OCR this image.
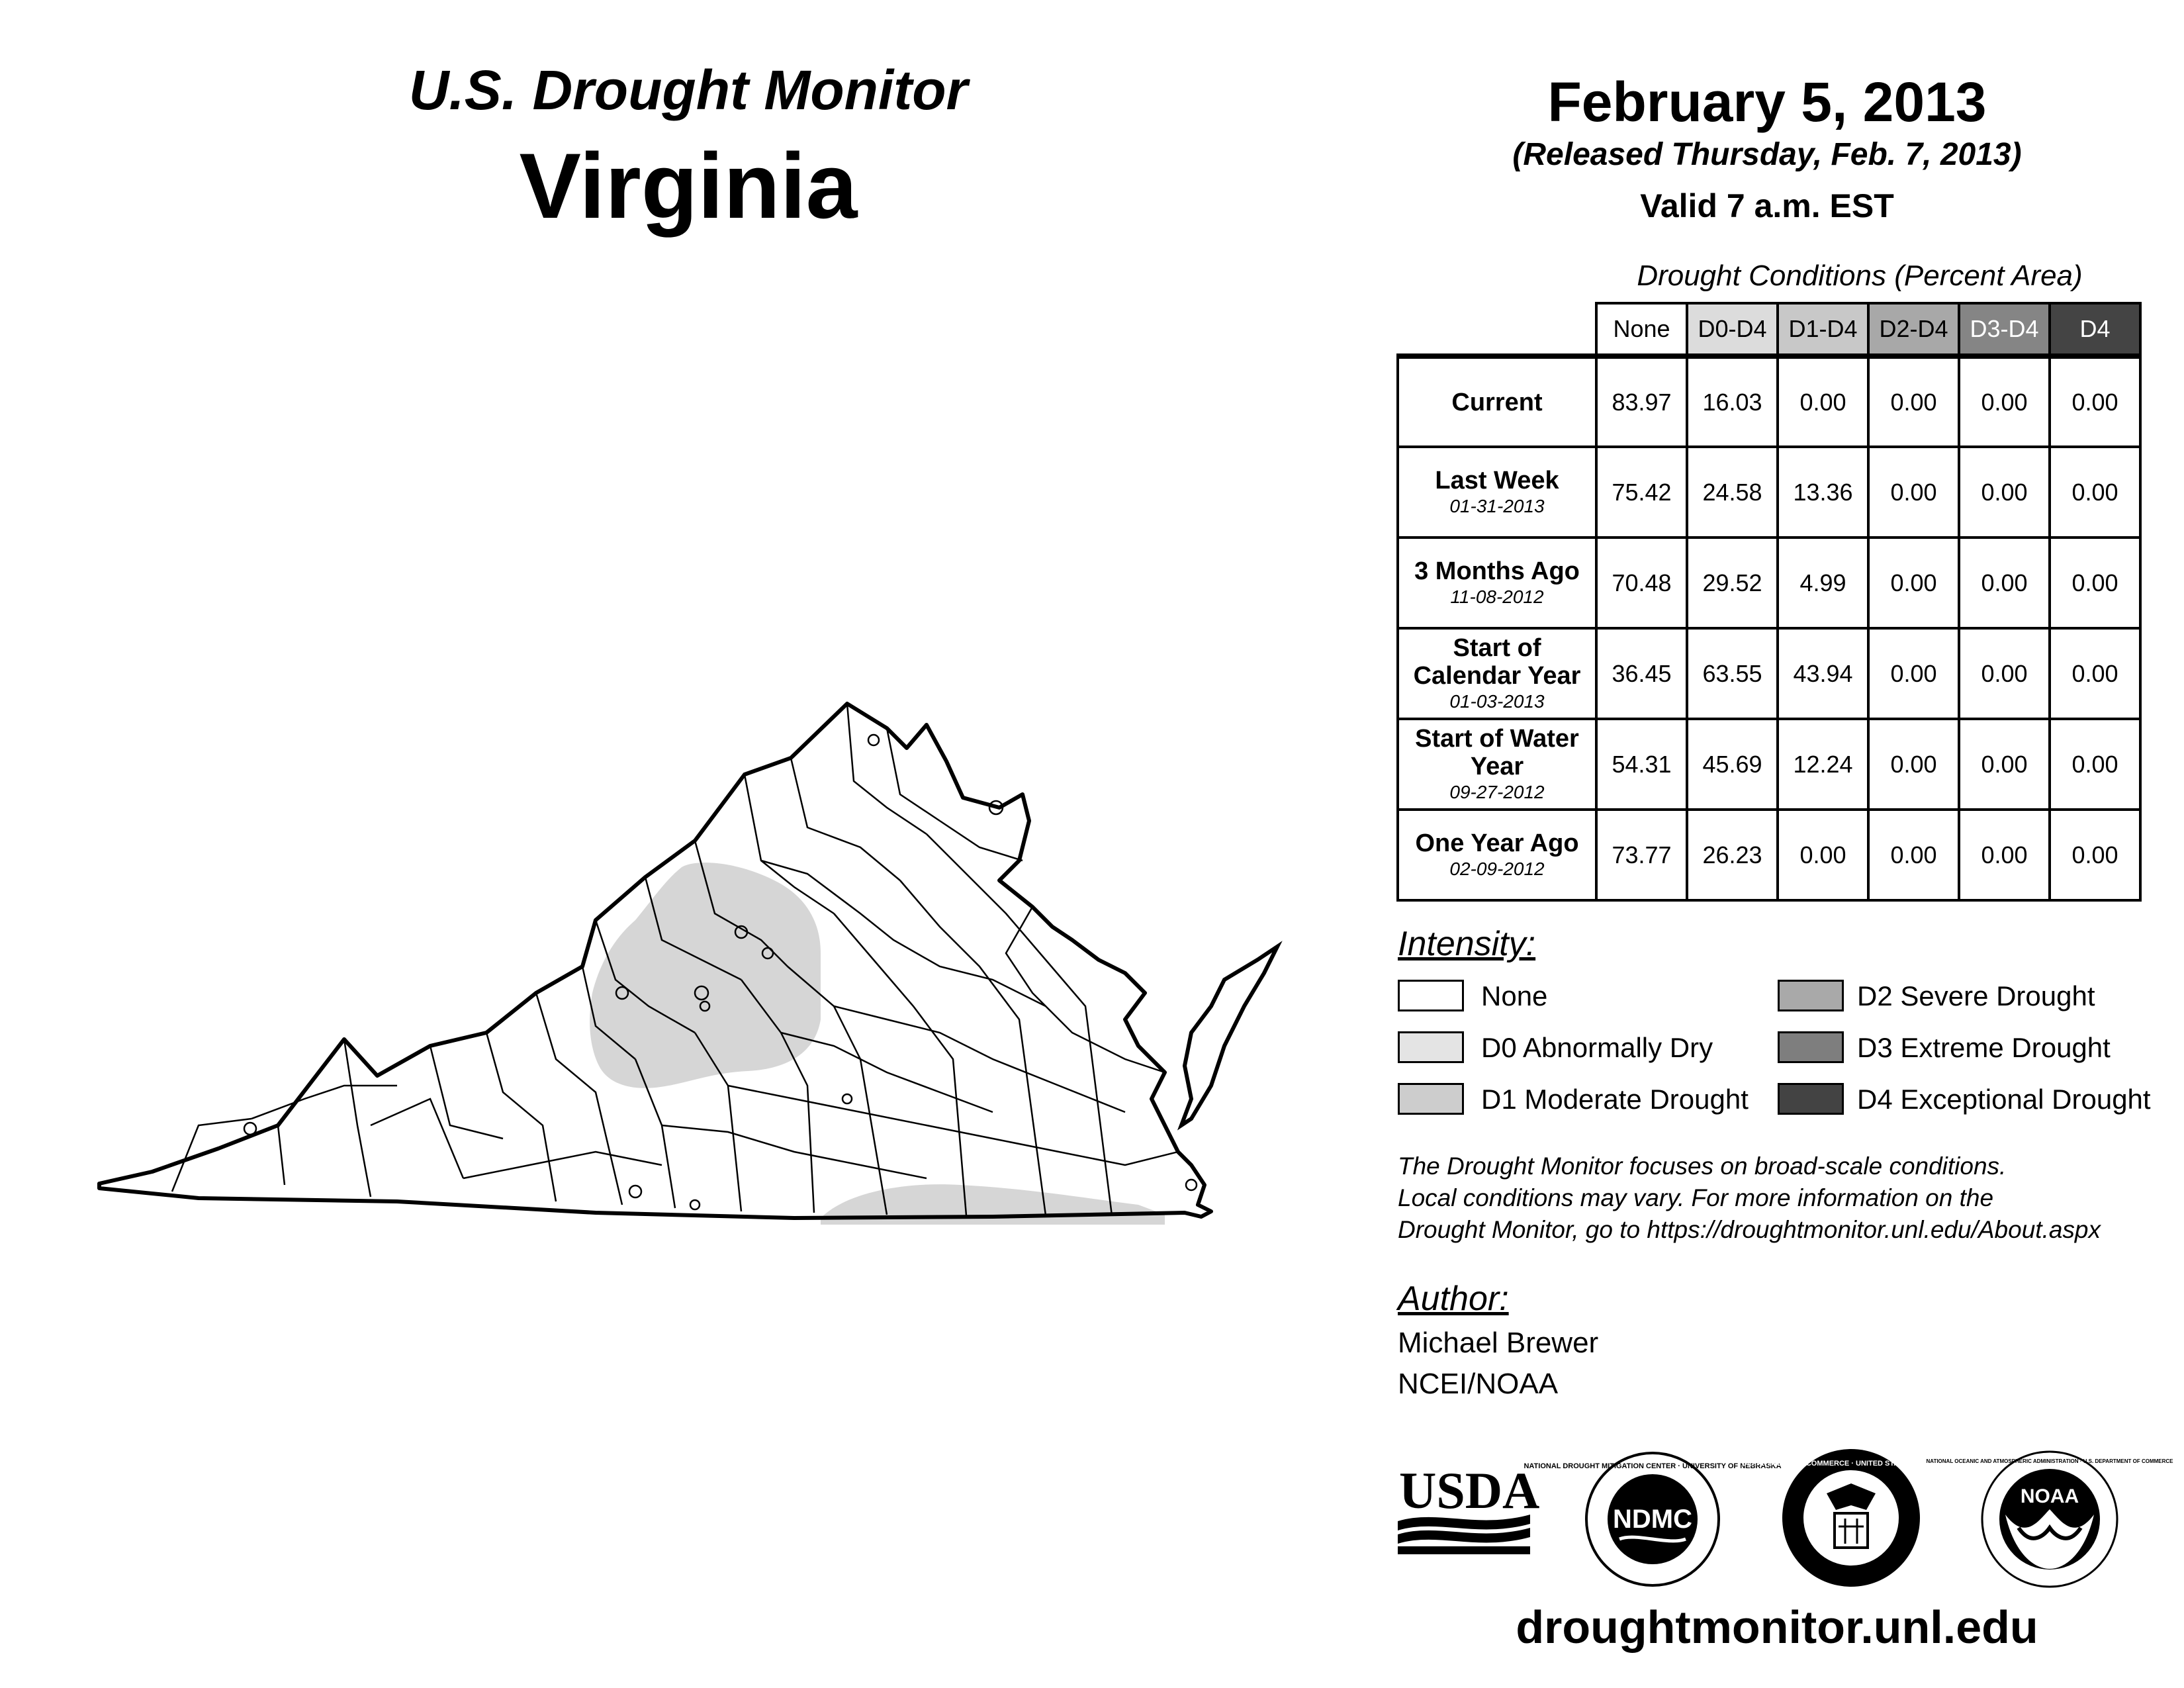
U.S. Drought Monitor
Virginia
February 5, 2013
(Released Thursday, Feb. 7, 2013)
Valid 7 a.m. EST
Drought Conditions (Percent Area)
	None	D0-D4	D1-D4	D2-D4	D3-D4	D4
Current	83.97	16.03	0.00	0.00	0.00	0.00
Last Week
01-31-2013	75.42	24.58	13.36	0.00	0.00	0.00
3 Months Ago
11-08-2012	70.48	29.52	4.99	0.00	0.00	0.00
Start of Calendar Year
01-03-2013	36.45	63.55	43.94	0.00	0.00	0.00
Start of Water Year
09-27-2012	54.31	45.69	12.24	0.00	0.00	0.00
One Year Ago
02-09-2012	73.77	26.23	0.00	0.00	0.00	0.00
Intensity:
None
D0 Abnormally Dry
D1 Moderate Drought
D2 Severe Drought
D3 Extreme Drought
D4 Exceptional Drought
The Drought Monitor focuses on broad-scale conditions.
Local conditions may vary. For more information on the
Drought Monitor, go to https://droughtmonitor.unl.edu/About.aspx
Author:
Michael Brewer
NCEI/NOAA
USDA	NDMC
NATIONAL DROUGHT MITIGATION CENTER · UNIVERSITY OF NEBRASKA
DEPARTMENT OF COMMERCE · UNITED STATES OF AMERICA
NOAA
NATIONAL OCEANIC AND ATMOSPHERIC ADMINISTRATION · U.S. DEPARTMENT OF COMMERCE
droughtmonitor.unl.edu
